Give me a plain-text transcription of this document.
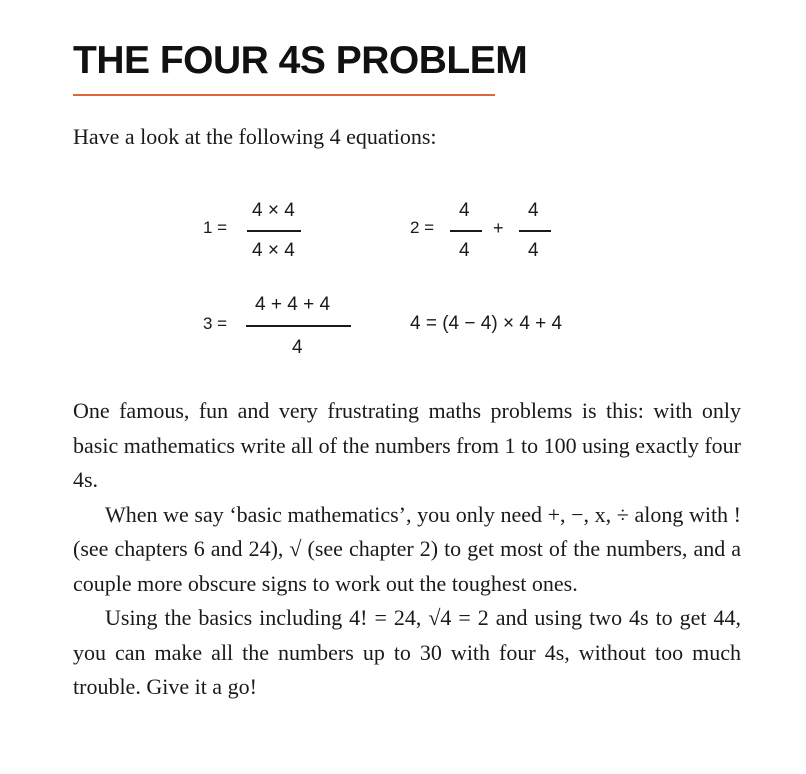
THE FOUR 4S PROBLEM

Have a look at the following 4 equations:

1 =
4 × 4
4 × 4
2 =
4
4
+
4
4
3 =
4 + 4 + 4
4
4 = (4 − 4) × 4 + 4

One famous, fun and very frustrating maths problems is this: with only basic mathematics write all of the numbers from 1 to 100 using exactly four 4s.

When we say ‘basic mathematics’, you only need +, −, x, ÷ along with ! (see chapters 6 and 24), √ (see chapter 2) to get most of the numbers, and a couple more obscure signs to work out the toughest ones.

Using the basics including 4! = 24, √4 = 2 and using two 4s to get 44, you can make all the numbers up to 30 with four 4s, without too much trouble. Give it a go!
